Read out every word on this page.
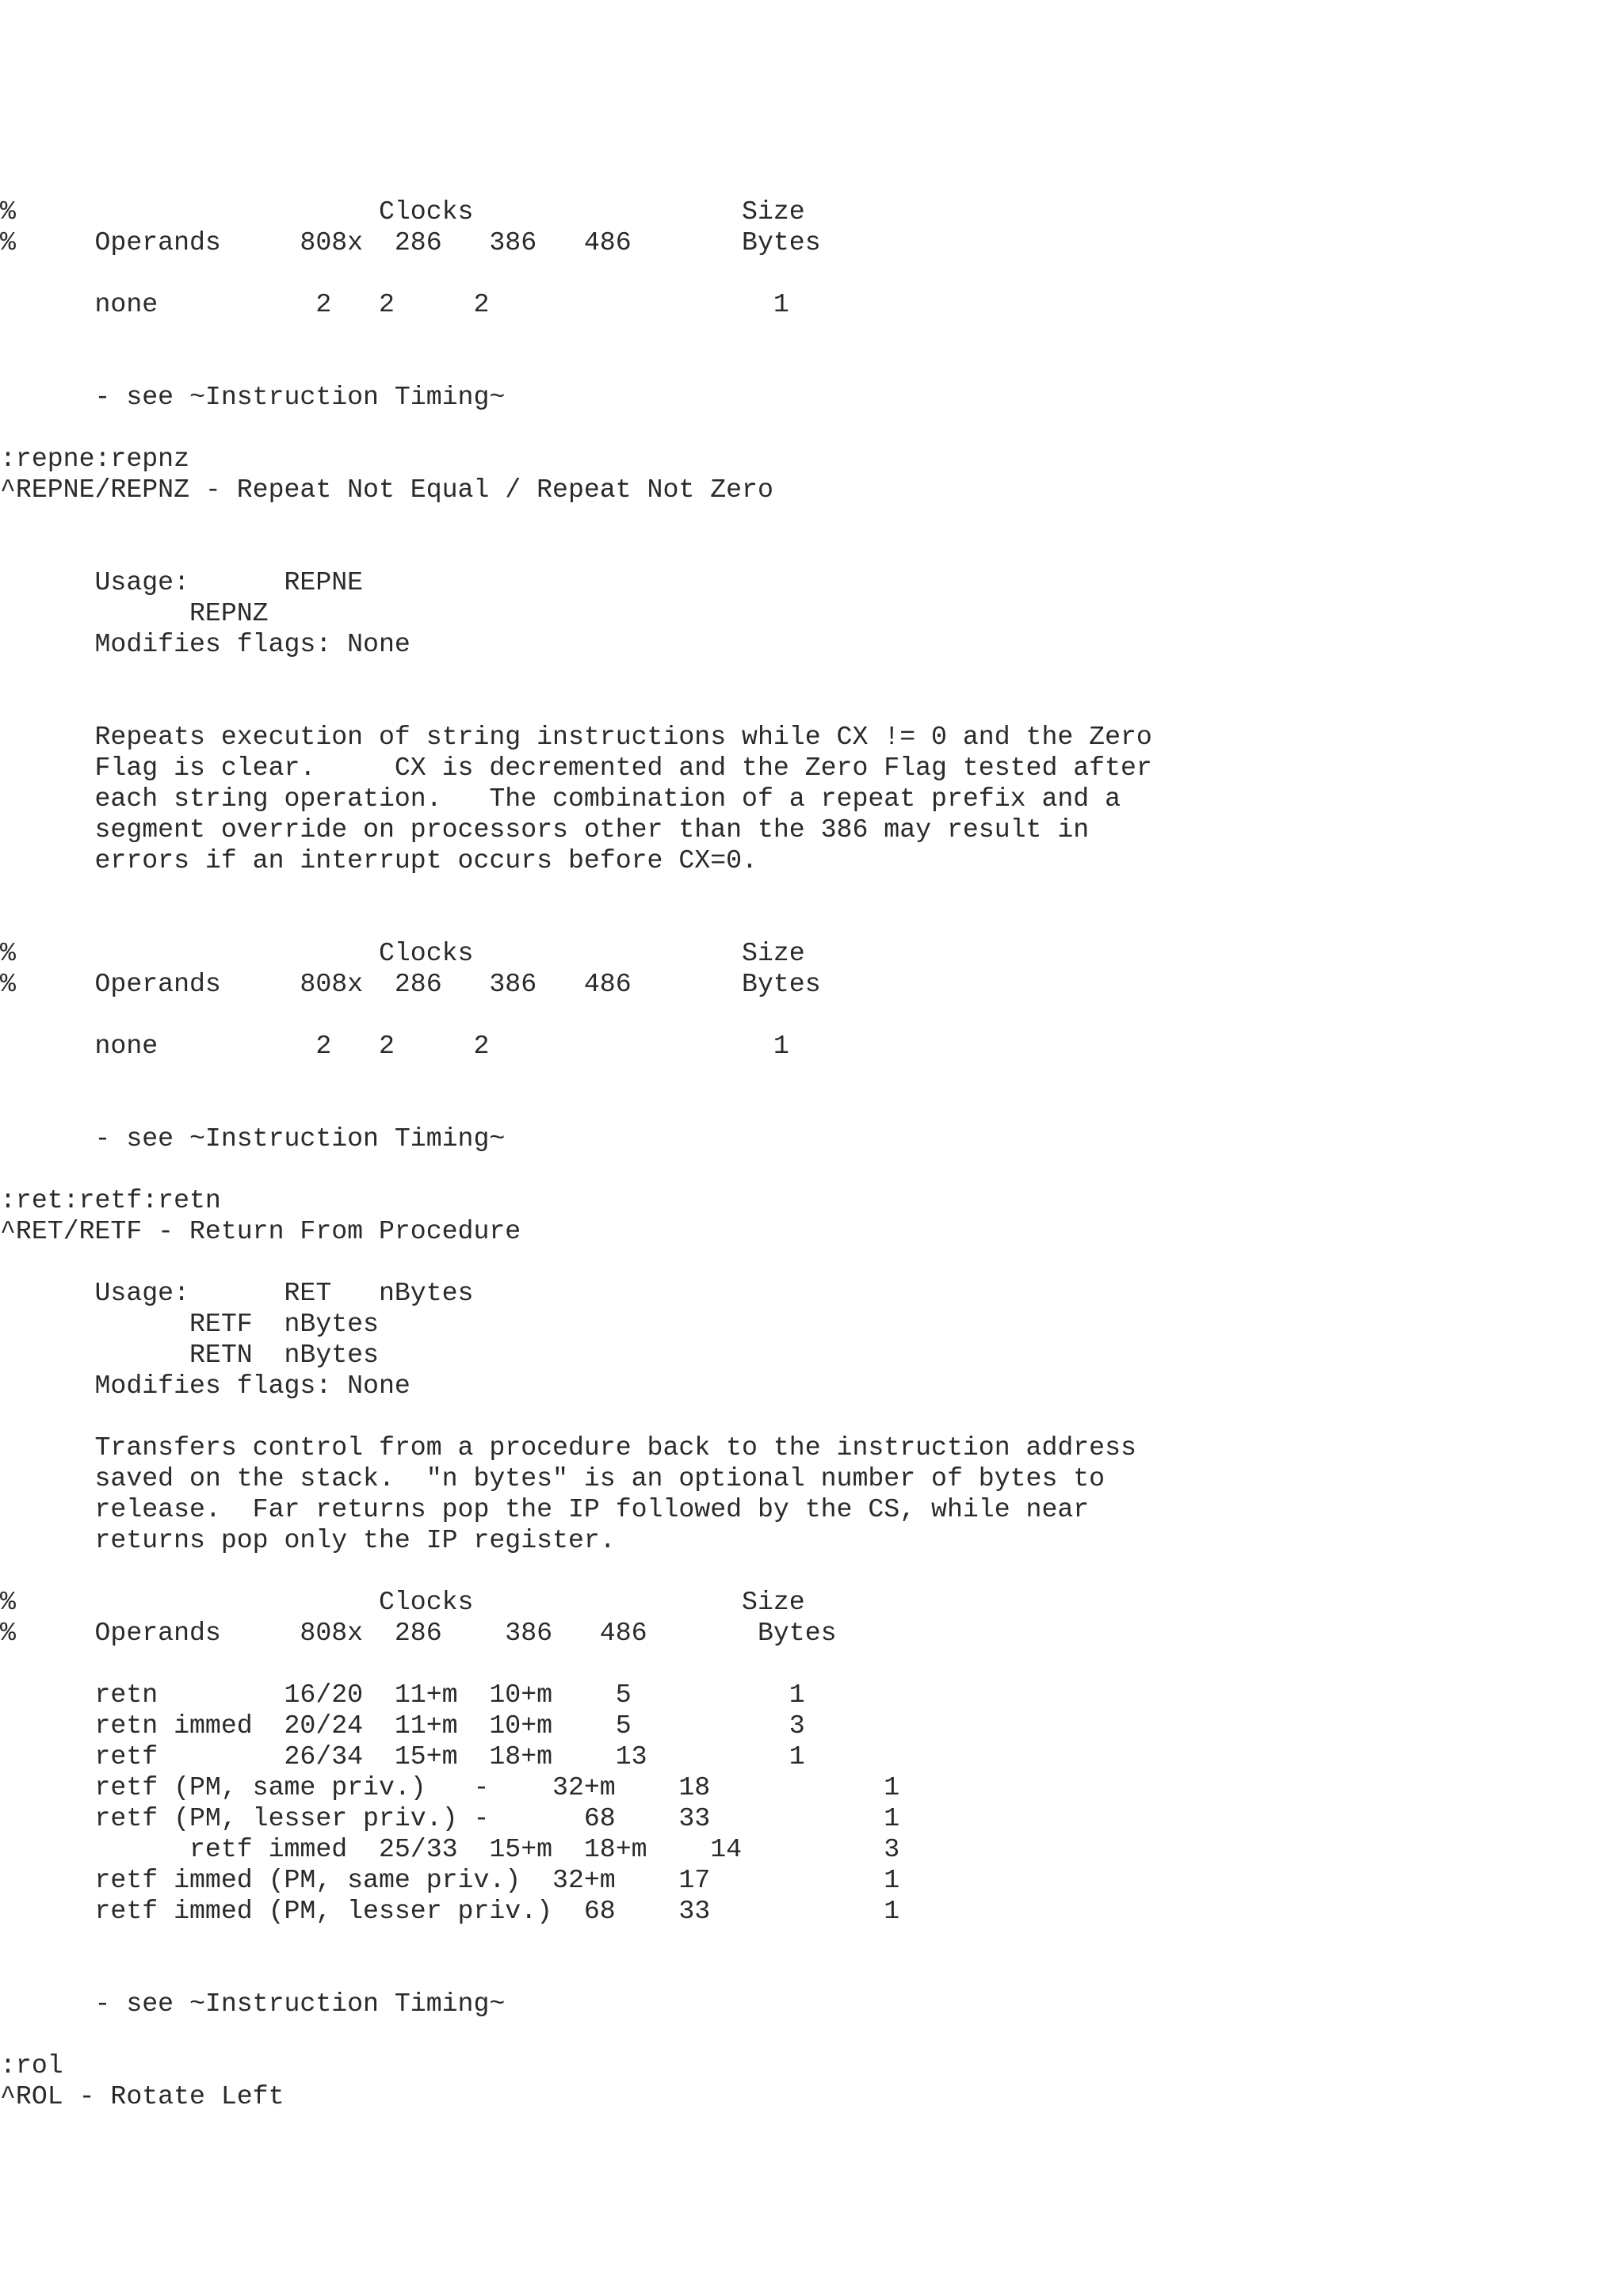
%                       Clocks                 Size
%     Operands     808x  286   386   486       Bytes
none          2   2     2                  1
- see ~Instruction Timing~
:repne:repnz
^REPNE/REPNZ - Repeat Not Equal / Repeat Not Zero
Usage:      REPNE
REPNZ
Modifies flags: None
Repeats execution of string instructions while CX != 0 and the Zero
Flag is clear.     CX is decremented and the Zero Flag tested after
each string operation.   The combination of a repeat prefix and a
segment override on processors other than the 386 may result in
errors if an interrupt occurs before CX=0.
%                       Clocks                 Size
%     Operands     808x  286   386   486       Bytes
none          2   2     2                  1
- see ~Instruction Timing~
:ret:retf:retn
^RET/RETF - Return From Procedure
Usage:      RET   nBytes
RETF  nBytes
RETN  nBytes
Modifies flags: None
Transfers control from a procedure back to the instruction address
saved on the stack.  "n bytes" is an optional number of bytes to
release.  Far returns pop the IP followed by the CS, while near
returns pop only the IP register.
%                       Clocks                 Size
%     Operands     808x  286    386   486       Bytes
retn        16/20  11+m  10+m    5          1
retn immed  20/24  11+m  10+m    5          3
retf        26/34  15+m  18+m    13         1
retf (PM, same priv.)   -    32+m    18           1
retf (PM, lesser priv.) -      68    33           1
retf immed  25/33  15+m  18+m    14         3
retf immed (PM, same priv.)  32+m    17           1
retf immed (PM, lesser priv.)  68    33           1
- see ~Instruction Timing~
:rol
^ROL - Rotate Left
